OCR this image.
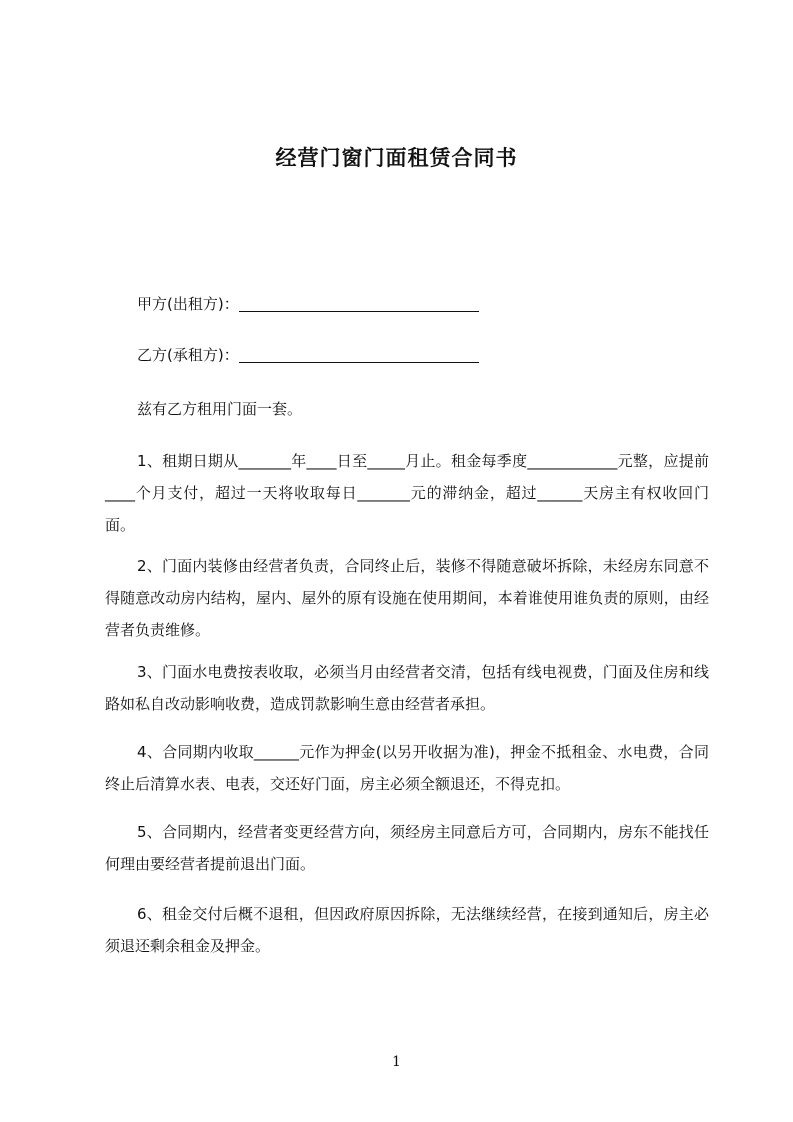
经营门窗门面租赁合同书
甲方(出租方)：
乙方(承租方)：

兹有乙方租用门面一套。

1、租期日期从_______年____日至_____月止。租金每季度____________元整，应提前____个月支付，超过一天将收取每日_______元的滞纳金，超过______天房主有权收回门面。

2、门面内装修由经营者负责，合同终止后，装修不得随意破坏拆除，未经房东同意不得随意改动房内结构，屋内、屋外的原有设施在使用期间，本着谁使用谁负责的原则，由经营者负责维修。

3、门面水电费按表收取，必须当月由经营者交清，包括有线电视费，门面及住房和线路如私自改动影响收费，造成罚款影响生意由经营者承担。

4、合同期内收取______元作为押金(以另开收据为准)，押金不抵租金、水电费，合同终止后清算水表、电表，交还好门面，房主必须全额退还，不得克扣。

5、合同期内，经营者变更经营方向，须经房主同意后方可，合同期内，房东不能找任何理由要经营者提前退出门面。

6、租金交付后概不退租，但因政府原因拆除，无法继续经营，在接到通知后，房主必须退还剩余租金及押金。

1
